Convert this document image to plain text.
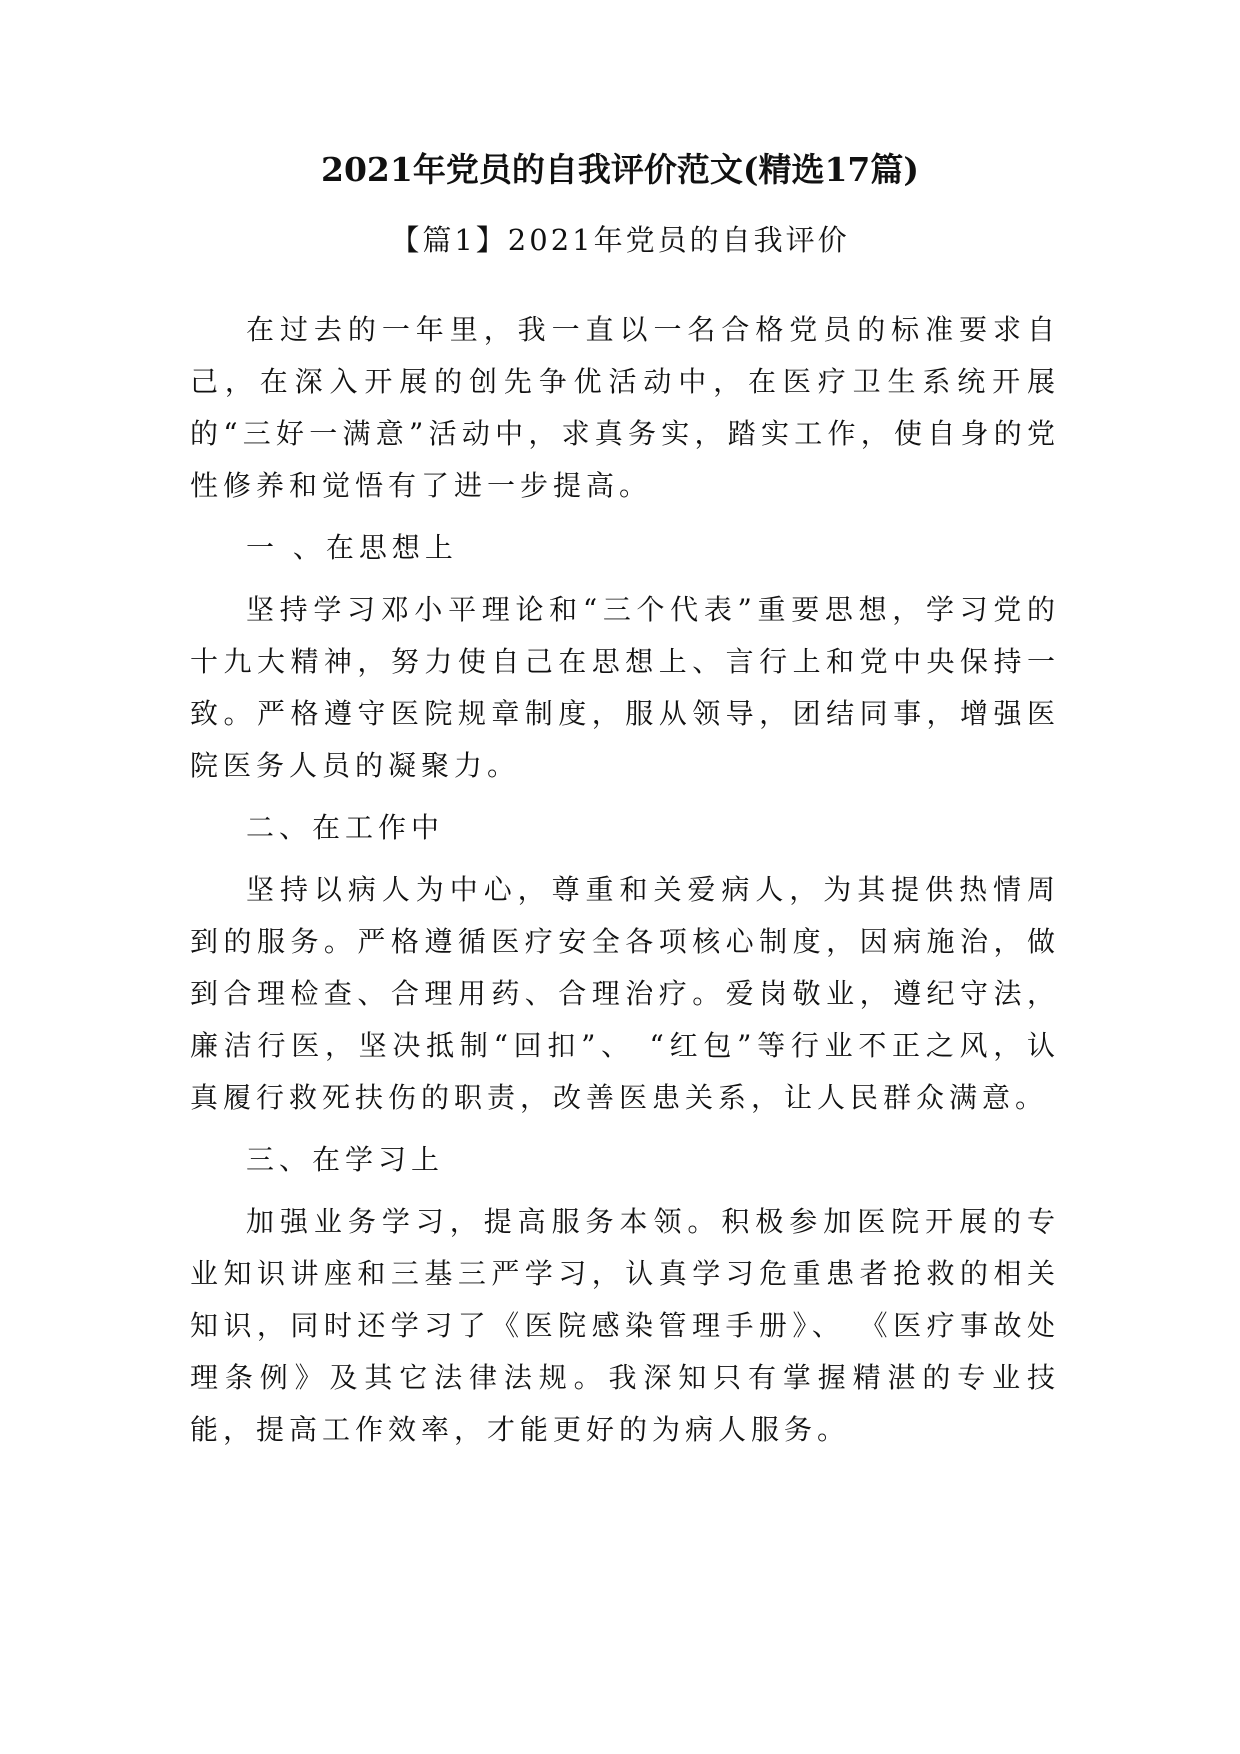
2021年党员的自我评价范文(精选17篇)
【篇1】2021年党员的自我评价

在过去的一年里，我一直以一名合格党员的标准要求自己，在深入开展的创先争优活动中，在医疗卫生系统开展的“三好一满意”活动中，求真务实，踏实工作，使自身的党性修养和觉悟有了进一步提高。

一 、在思想上

坚持学习邓小平理论和“三个代表”重要思想，学习党的十九大精神，努力使自己在思想上、言行上和党中央保持一致。严格遵守医院规章制度，服从领导，团结同事，增强医院医务人员的凝聚力。

二、在工作中

坚持以病人为中心，尊重和关爱病人，为其提供热情周到的服务。严格遵循医疗安全各项核心制度，因病施治，做到合理检查、合理用药、合理治疗。爱岗敬业，遵纪守法，廉洁行医，坚决抵制“回扣”、 “红包”等行业不正之风，认真履行救死扶伤的职责，改善医患关系，让人民群众满意。

三、在学习上

加强业务学习，提高服务本领。积极参加医院开展的专业知识讲座和三基三严学习，认真学习危重患者抢救的相关知识，同时还学习了《医院感染管理手册》、 《医疗事故处理条例》及其它法律法规。我深知只有掌握精湛的专业技能，提高工作效率，才能更好的为病人服务。
